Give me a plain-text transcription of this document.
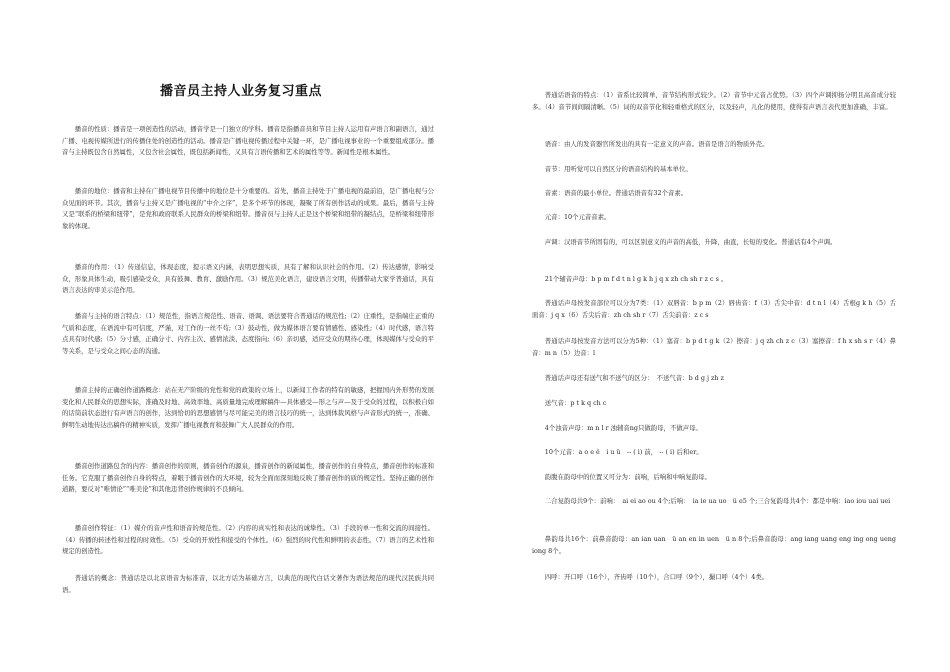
播音员主持人业务复习重点

播音的性质：播音是一项创造性的活动，播音学是一门独立的学科。播音是指播音员和节目主持人运用有声语言和副语言，通过广播、电视传媒所进行的传播住处的创造性的活动。播音是广播电视传播过程中关键一环，是广播电视事业的一个重要组成部分。播音与主持既包含自然属性，又包含社会属性，既包括新闻性，又具有言语传播和艺术的属性等等。新闻性是根本属性。

播音的地位：播音和主持在广播电视节目传播中的地位是十分重要的。首先，播音主持处于广播电视的最前沿，是广播电视与公众见面的环节。其次，播音与主持又是广播电视的“中介之序”，是多个环节的体现，凝聚了所有创作活动的成果。最后，播音与主持又是“联系的桥梁和纽带”，是党和政府联系人民群众的桥梁和纽带。播音员与主持人正是这个桥梁和纽带的凝结点，是桥梁和纽带形象的体现。

播音的作用：（1）传递信息，体现态度，提示语义内涵，表明思想实质，具有了解和认识社会的作用。（2）传达感情，影响受众，形象具体生动，吸引感染受众，具有鼓舞、教育、激励作用。（3）规范美化语言，建设语言文明，传播带动大家学普通话，具有语言表达的审美示范作用。

播音与主持的语言特点：（1）规范性，指语言规范性、语音、语调、语法要符合普通话的规范性;（2）庄重性，是指端庄正重的气质和态度，在语流中有可信度，严谨，对工作的一丝不苟;（3）鼓动性，做为媒体语言要有情感性、感染性;（4）时代感，语言特点具有时代感;（5）分寸感，正确分寸、内容主次、感情浓淡、态度指向;（6）亲切感，适应受众的期待心理，体现媒体与受众的平等关系，是与受众之间心态的沟通。

播音主持的正确创作道路概念：站在无产阶级的党性和党的政策的立场上，以新闻工作者的特有的敏感，把握国内外形势的发展变化和人民群众的思想实际，准确及时地、高效率地、高质量地完成理解稿件—具体感受—形之与声—及于受众的过程，以积极自如的话筒前状态进行有声语言的创作，达到恰切的思想感情与尽可能完美的语言技巧的统一，达到体裁风格与声音形式的统一，准确、鲜明生动地传达出稿件的精神实质，发挥广播电视教育和鼓舞广大人民群众的作用。

播音创作道路包含的内容：播音创作的原则，播音创作的源泉，播音创作的新闻属性，播音创作的自身特点，播音创作的标准和任务。它克服了播音创作自身的特点，着眼于播音创作的大环境，较为全面而深刻地反映了播音创作的质的规定性。坚持正确的创作道路，要反对“唯情论”“唯美论”和其他违背创作规律的不良倾向。

播音创作特征：（1）媒介的音声性和语音的规范性。（2）内容的真实性和表达的诚挚性。（3）手段的单一性和交流的间接性。（4）传播的转述性和过程的时效性。（5）受众的开放性和接受的个体性。（6）强烈的时代性和鲜明的表态性。（7）语言的艺术性和规定的创造性。

普通话的概念：普通话是以北京语音为标准音，以北方话为基础方言，以典范的现代白话文著作为语法规范的现代汉民族共同语。

普通话语音的特点：（1）音系比较简单，音节结构形式较少。（2）音节中元音占优势。（3）四个声调抑扬分明且高音成分较多。（4）音节间间隔清晰。（5）词的双音节化和轻重格式的区分，以及轻声，儿化的使用，使得有声语言表代更加准确，丰富。

语音：由人的发音器官所发出的具有一定意义的声音。语音是语言的物质外壳。

音节：用听觉可以自然区分的语音结构的基本单位。

音素：语音的最小单位。普通话语音有32个音素。

元音：10个元音音素。

声调：汉语音节所固有的，可以区别意义的声音的高低，升降，曲直，长短的变化。普通话有4个声调。

21个辅音声母：b p m f d t n l g k h j q x zh ch sh r z c s 。

普通话声母按发音部位可以分为7类：（1）双唇音：b p m（2）唇齿音：f（3）舌尖中音：d t n l（4）舌根g k h（5）舌面音：j q x（6）舌尖后音：zh ch sh r（7）舌尖前音：z c s

普通话声母按发音方法可以分为5种：（1）塞音：b p d t g k（2）擦音：j q zh ch z c（3）塞擦音：f h x sh s r（4）鼻音：m n（5）边音：l

普通话声母还有送气和不送气的区分：　不送气音：b d g j zh z

送气音：p t k q ch c

4个浊音声母：m n l r 浊辅音ng只做韵母，不做声母。

10个元音：a o e ê　i u ü　-- ( i) 前， -- ( i) 后和er。

韵腹在韵母中的位置又可分为：前响，后响和中响复韵母。

二合复韵母共9个：前响：　ai ei ao ou 4个;后响：　ia ie ua uo　ü e5 个;三合复韵母共4个：都是中响：iao iou uai uei

鼻韵母共16个：前鼻音韵母：an ian uan　ü an en in uen　ü n 8个;后鼻音韵母：ang iang uang eng ing ong ueng iong 8个。

四呼：开口呼（16个），齐齿呼（10个），合口呼（9个），撮口呼（4个）4类。
